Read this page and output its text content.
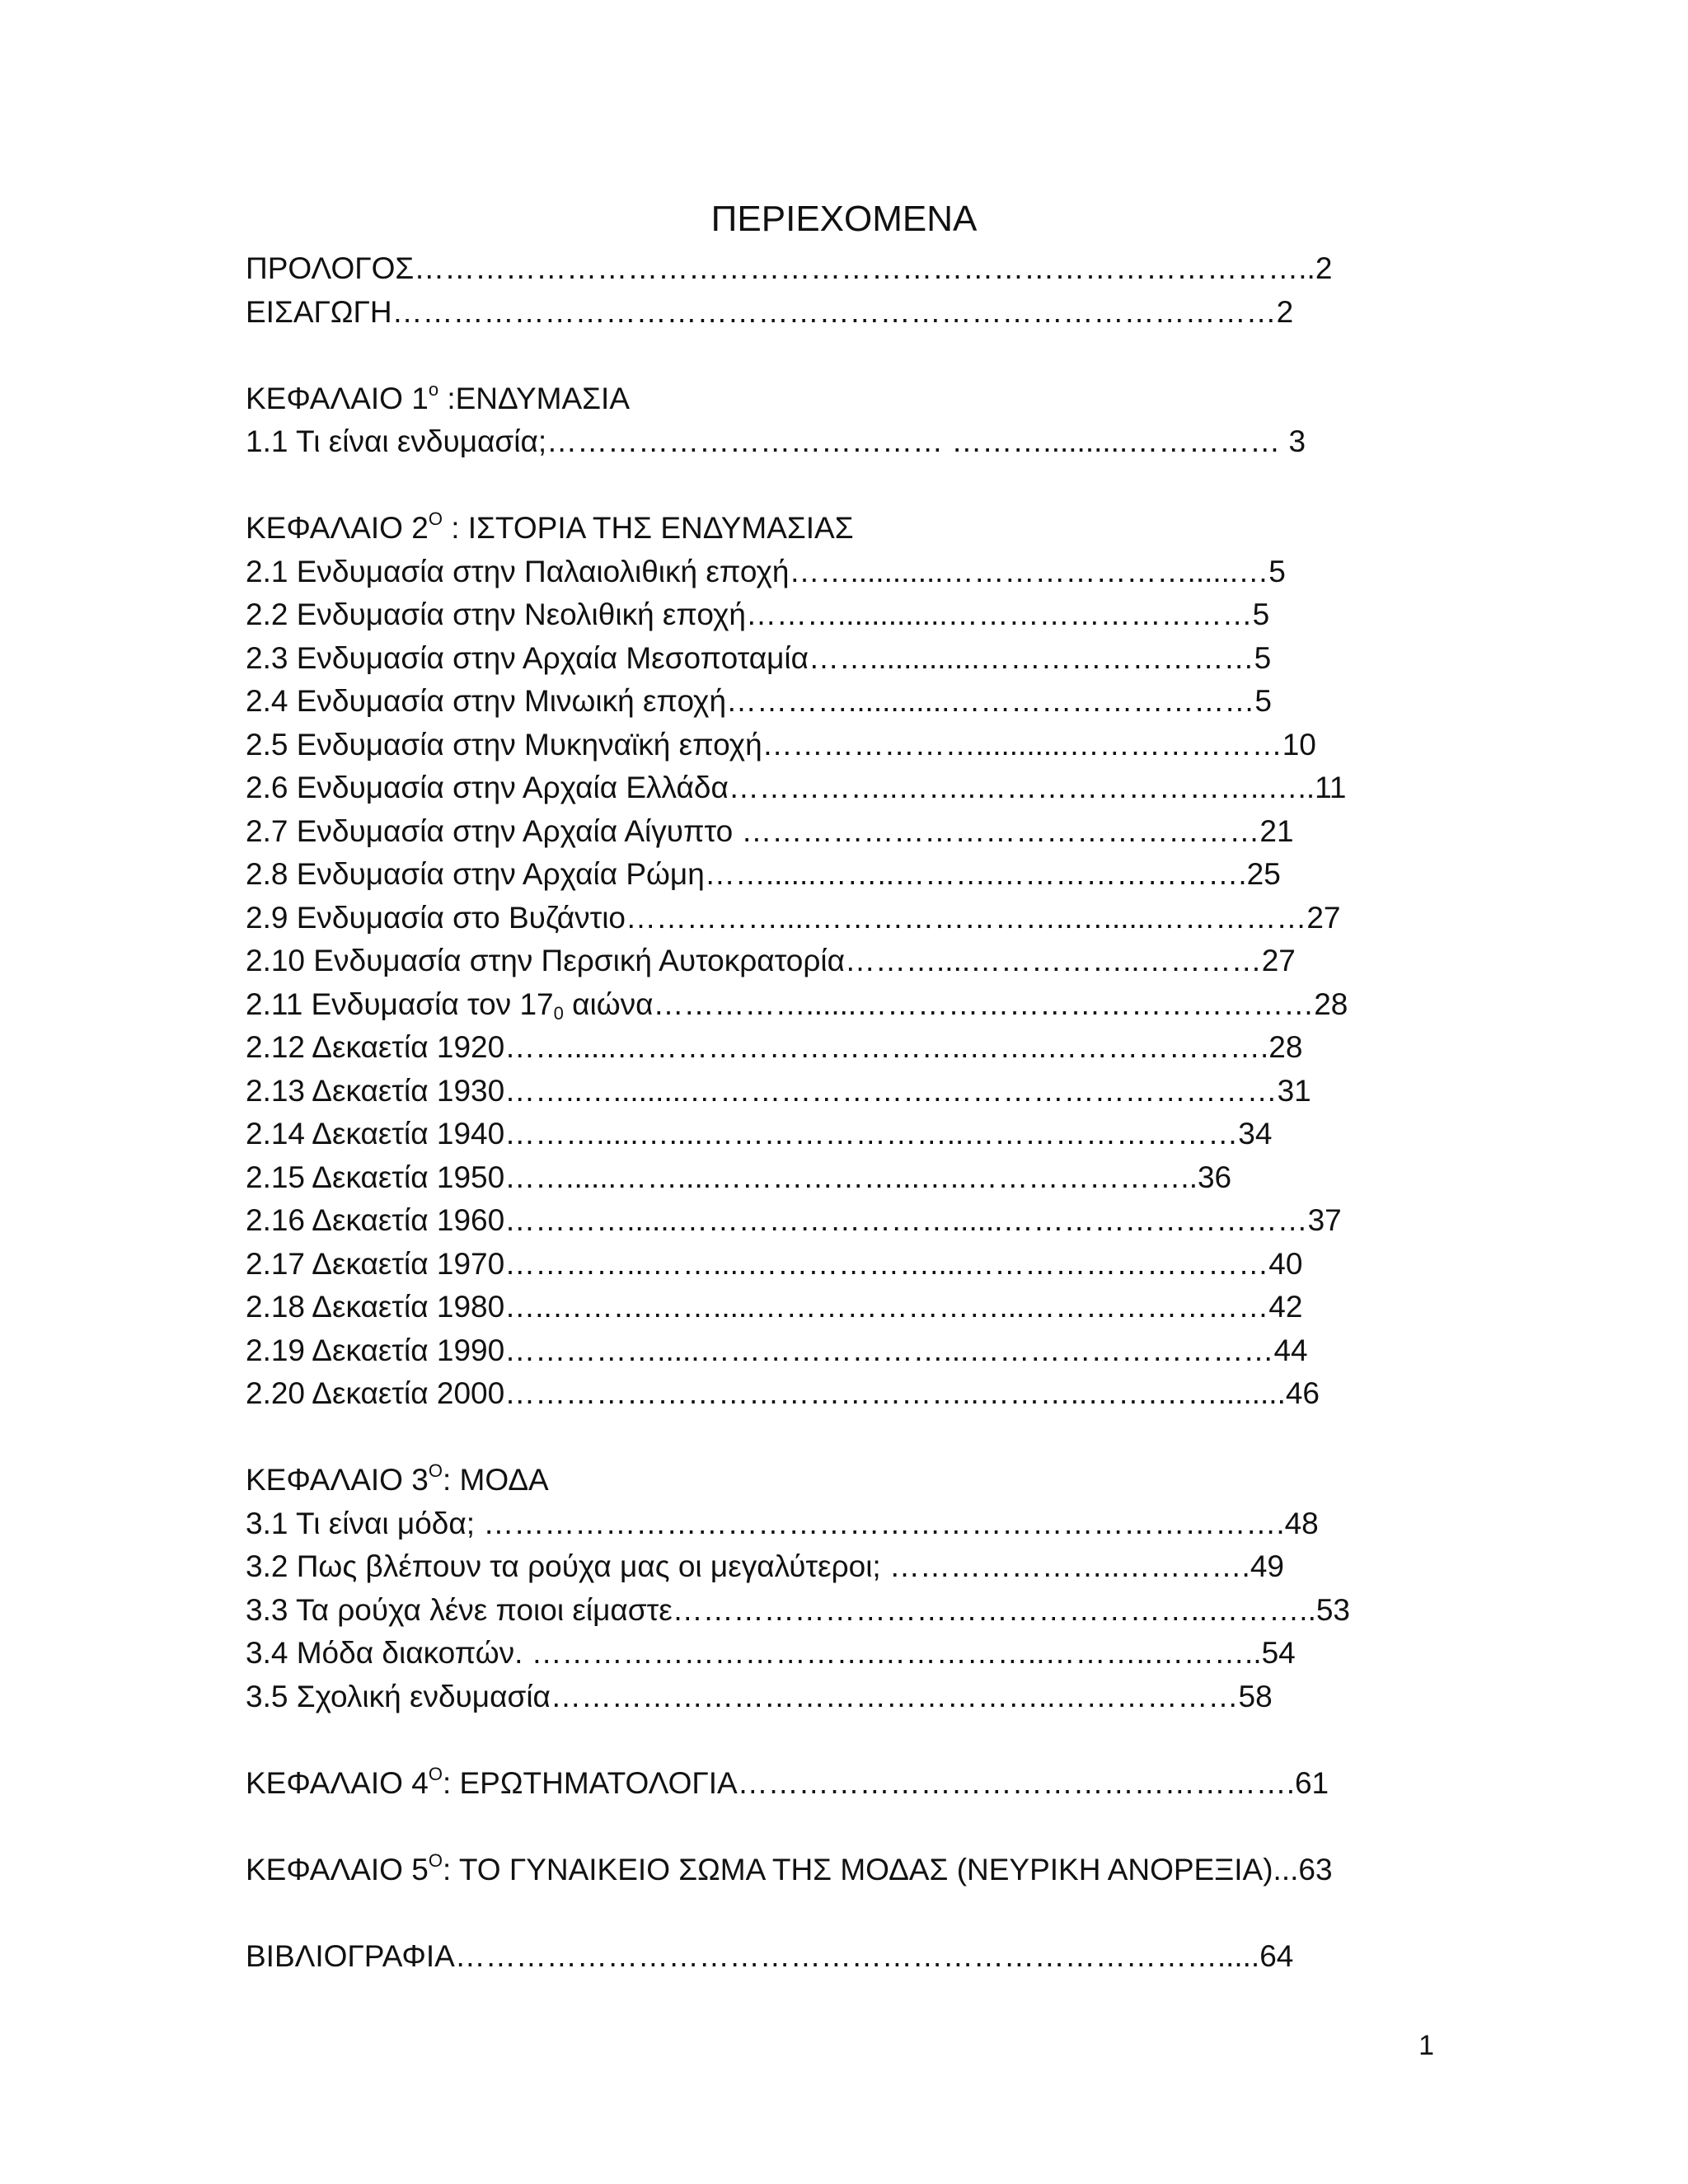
ΠΕΡΙΕΧΟΜΕΝΑ
ΠΡΟΛΟΓΟΣ……………………………………………………………………………..2
ΕΙΣΑΓΩΓΗ……………………………………………………………………………2
ΚΕΦΑΛΑΙΟ $1^o$ :ΕΝΔΥΜΑΣΙΑ
1.1 Τι είναι ενδυμασία;………………………………… ………..........…………… 3
ΚΕΦΑΛΑΙΟ $2^O$ : ΙΣΤΟΡΙΑ ΤΗΣ ΕΝΔΥΜΑΣΙΑΣ
2.1 Ενδυμασία στην Παλαιολιθική εποχή……...........……………………......…5
2.2 Ενδυμασία στην Νεολιθική εποχή……….............…………………………5
2.3 Ενδυμασία στην Αρχαία Μεσοποταμία…….............………………………5
2.4 Ενδυμασία στην Μινωική εποχή…………............…………………………5
2.5 Ενδυμασία στην Μυκηναϊκή εποχή…………………...........…………………10
2.6 Ενδυμασία στην Αρχαία Ελλάδα……………..……..………………………..…..11
2.7 Ενδυμασία στην Αρχαία Αίγυπτο ……………………………………………21
2.8 Ενδυμασία στην Αρχαία Ρώμη……......……..……….…………………….25
2.9 Ενδυμασία στο Βυζάντιο……………....……………………..…......……………27
2.10 Ενδυμασία στην Περσική Αυτοκρατορία………....……………..…………27
2.11 Ενδυμασία τον $17_0$ αιώνα……………......………………………………………28
2.12 Δεκαετία 1920……......……………………………..……..………………….28
2.13 Δεκαετία 1930……..….........…………………….……………………………31
2.14 Δεκαετία 1940……….....…....……………………..………………………34
2.15 Δεκαετία 1950……......……....………………...…..…………………..36
2.16 Δεκαετία 1960…………......………………………......…………………………37
2.17 Δεκαετία 1970…………...……....………………....…………………………40
2.18 Δεκαετία 1980…..……….…….....……………………...……………………42
2.19 Δεκαετία 1990…………….....……………………...…………………………44
2.20 Δεκαετία 2000………………………………………..………..…….……........46
ΚΕΦΑΛΑΙΟ $3^O$: ΜΟΔΑ
3.1 Τι είναι μόδα; …………………………………………………………………….48
3.2 Πως βλέπουν τα ρούχα μας οι μεγαλύτεροι; …………………..………….49
3.3 Τα ρούχα λένε ποιοι είμαστε……………………………………………..………..53
3.4 Μόδα διακοπών. …………………………….……………..………..………..54
3.5 Σχολική ενδυμασία…………………………………………..………………58
ΚΕΦΑΛΑΙΟ $4^O$: ΕΡΩΤΗΜΑΤΟΛΟΓΙΑ……………………………………………….61
ΚΕΦΑΛΑΙΟ $5^O$: ΤΟ ΓΥΝΑΙΚΕΙΟ ΣΩΜΑ ΤΗΣ ΜΟΔΑΣ (ΝΕΥΡΙΚΗ ΑΝΟΡΕΞΙΑ)...63
ΒΙΒΛΙΟΓΡΑΦΙΑ………………………………………………………………….....64
1
